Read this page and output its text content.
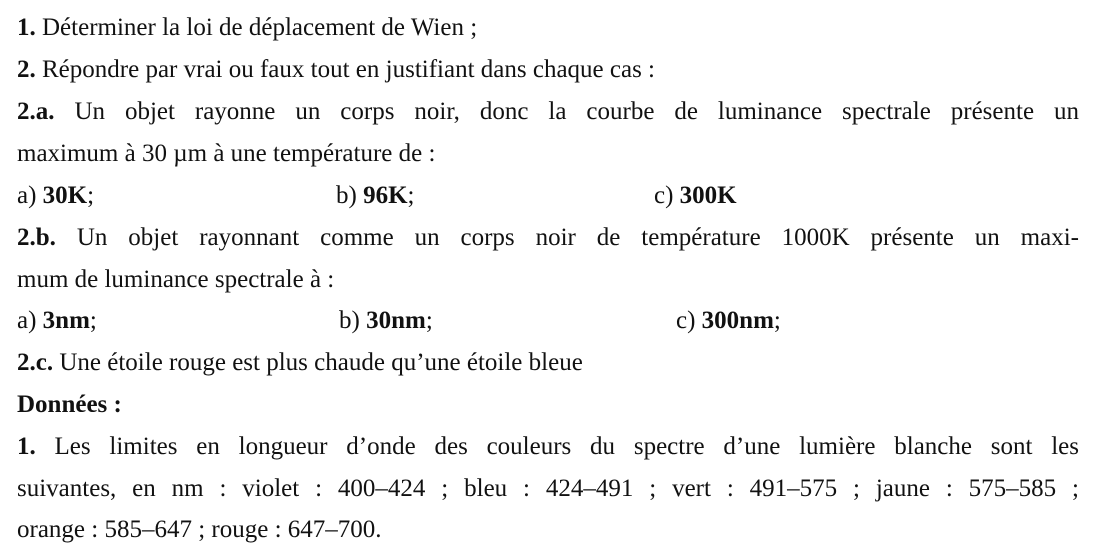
1. Déterminer la loi de déplacement de Wien ;
2. Répondre par vrai ou faux tout en justifiant dans chaque cas :
2.a. Un objet rayonne un corps noir, donc la courbe de luminance spectrale présente un
maximum à 30 µm à une température de :
a) 30K;	b) 96K;	c) 300K
2.b. Un objet rayonnant comme un corps noir de température 1000K présente un maxi-
mum de luminance spectrale à :
a) 3nm;	b) 30nm;	c) 300nm;
2.c. Une étoile rouge est plus chaude qu’une étoile bleue
Données :
1. Les limites en longueur d’onde des couleurs du spectre d’une lumière blanche sont les
suivantes, en nm : violet : 400–424 ; bleu : 424–491 ; vert : 491–575 ; jaune : 575–585 ;
orange : 585–647 ; rouge : 647–700.
